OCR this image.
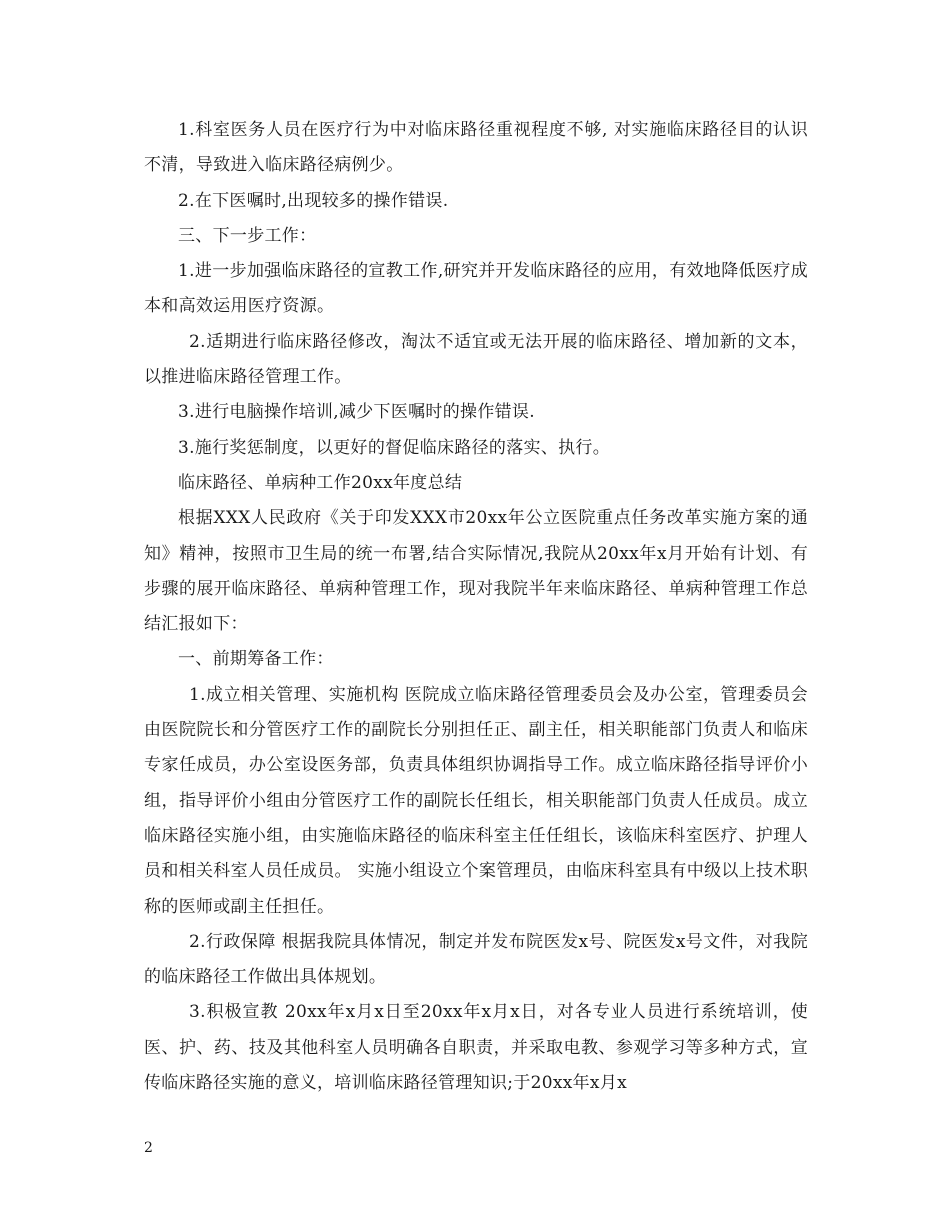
1.科室医务人员在医疗行为中对临床路径重视程度不够, 对实施临床路径目的认识不清，导致进入临床路径病例少。

2.在下医嘱时,出现较多的操作错误.

三、下一步工作：

1.进一步加强临床路径的宣教工作,研究并开发临床路径的应用，有效地降低医疗成本和高效运用医疗资源。

2.适期进行临床路径修改，淘汰不适宜或无法开展的临床路径、增加新的文本，以推进临床路径管理工作。

3.进行电脑操作培训,减少下医嘱时的操作错误.

3.施行奖惩制度，以更好的督促临床路径的落实、执行。

临床路径、单病种工作20xx年度总结

根据XXX人民政府《关于印发XXX市20xx年公立医院重点任务改革实施方案的通知》精神，按照市卫生局的统一布署,结合实际情况,我院从20xx年x月开始有计划、有步骤的展开临床路径、单病种管理工作，现对我院半年来临床路径、单病种管理工作总结汇报如下：

一、前期筹备工作：

1.成立相关管理、实施机构 医院成立临床路径管理委员会及办公室，管理委员会由医院院长和分管医疗工作的副院长分别担任正、副主任，相关职能部门负责人和临床专家任成员，办公室设医务部，负责具体组织协调指导工作。成立临床路径指导评价小组，指导评价小组由分管医疗工作的副院长任组长，相关职能部门负责人任成员。成立临床路径实施小组，由实施临床路径的临床科室主任任组长，该临床科室医疗、护理人员和相关科室人员任成员。 实施小组设立个案管理员，由临床科室具有中级以上技术职称的医师或副主任担任。

2.行政保障 根据我院具体情况，制定并发布院医发x号、院医发x号文件，对我院的临床路径工作做出具体规划。

3.积极宣教 20xx年x月x日至20xx年x月x日，对各专业人员进行系统培训，使医、护、药、技及其他科室人员明确各自职责，并采取电教、参观学习等多种方式，宣传临床路径实施的意义，培训临床路径管理知识;于20xx年x月x

2
